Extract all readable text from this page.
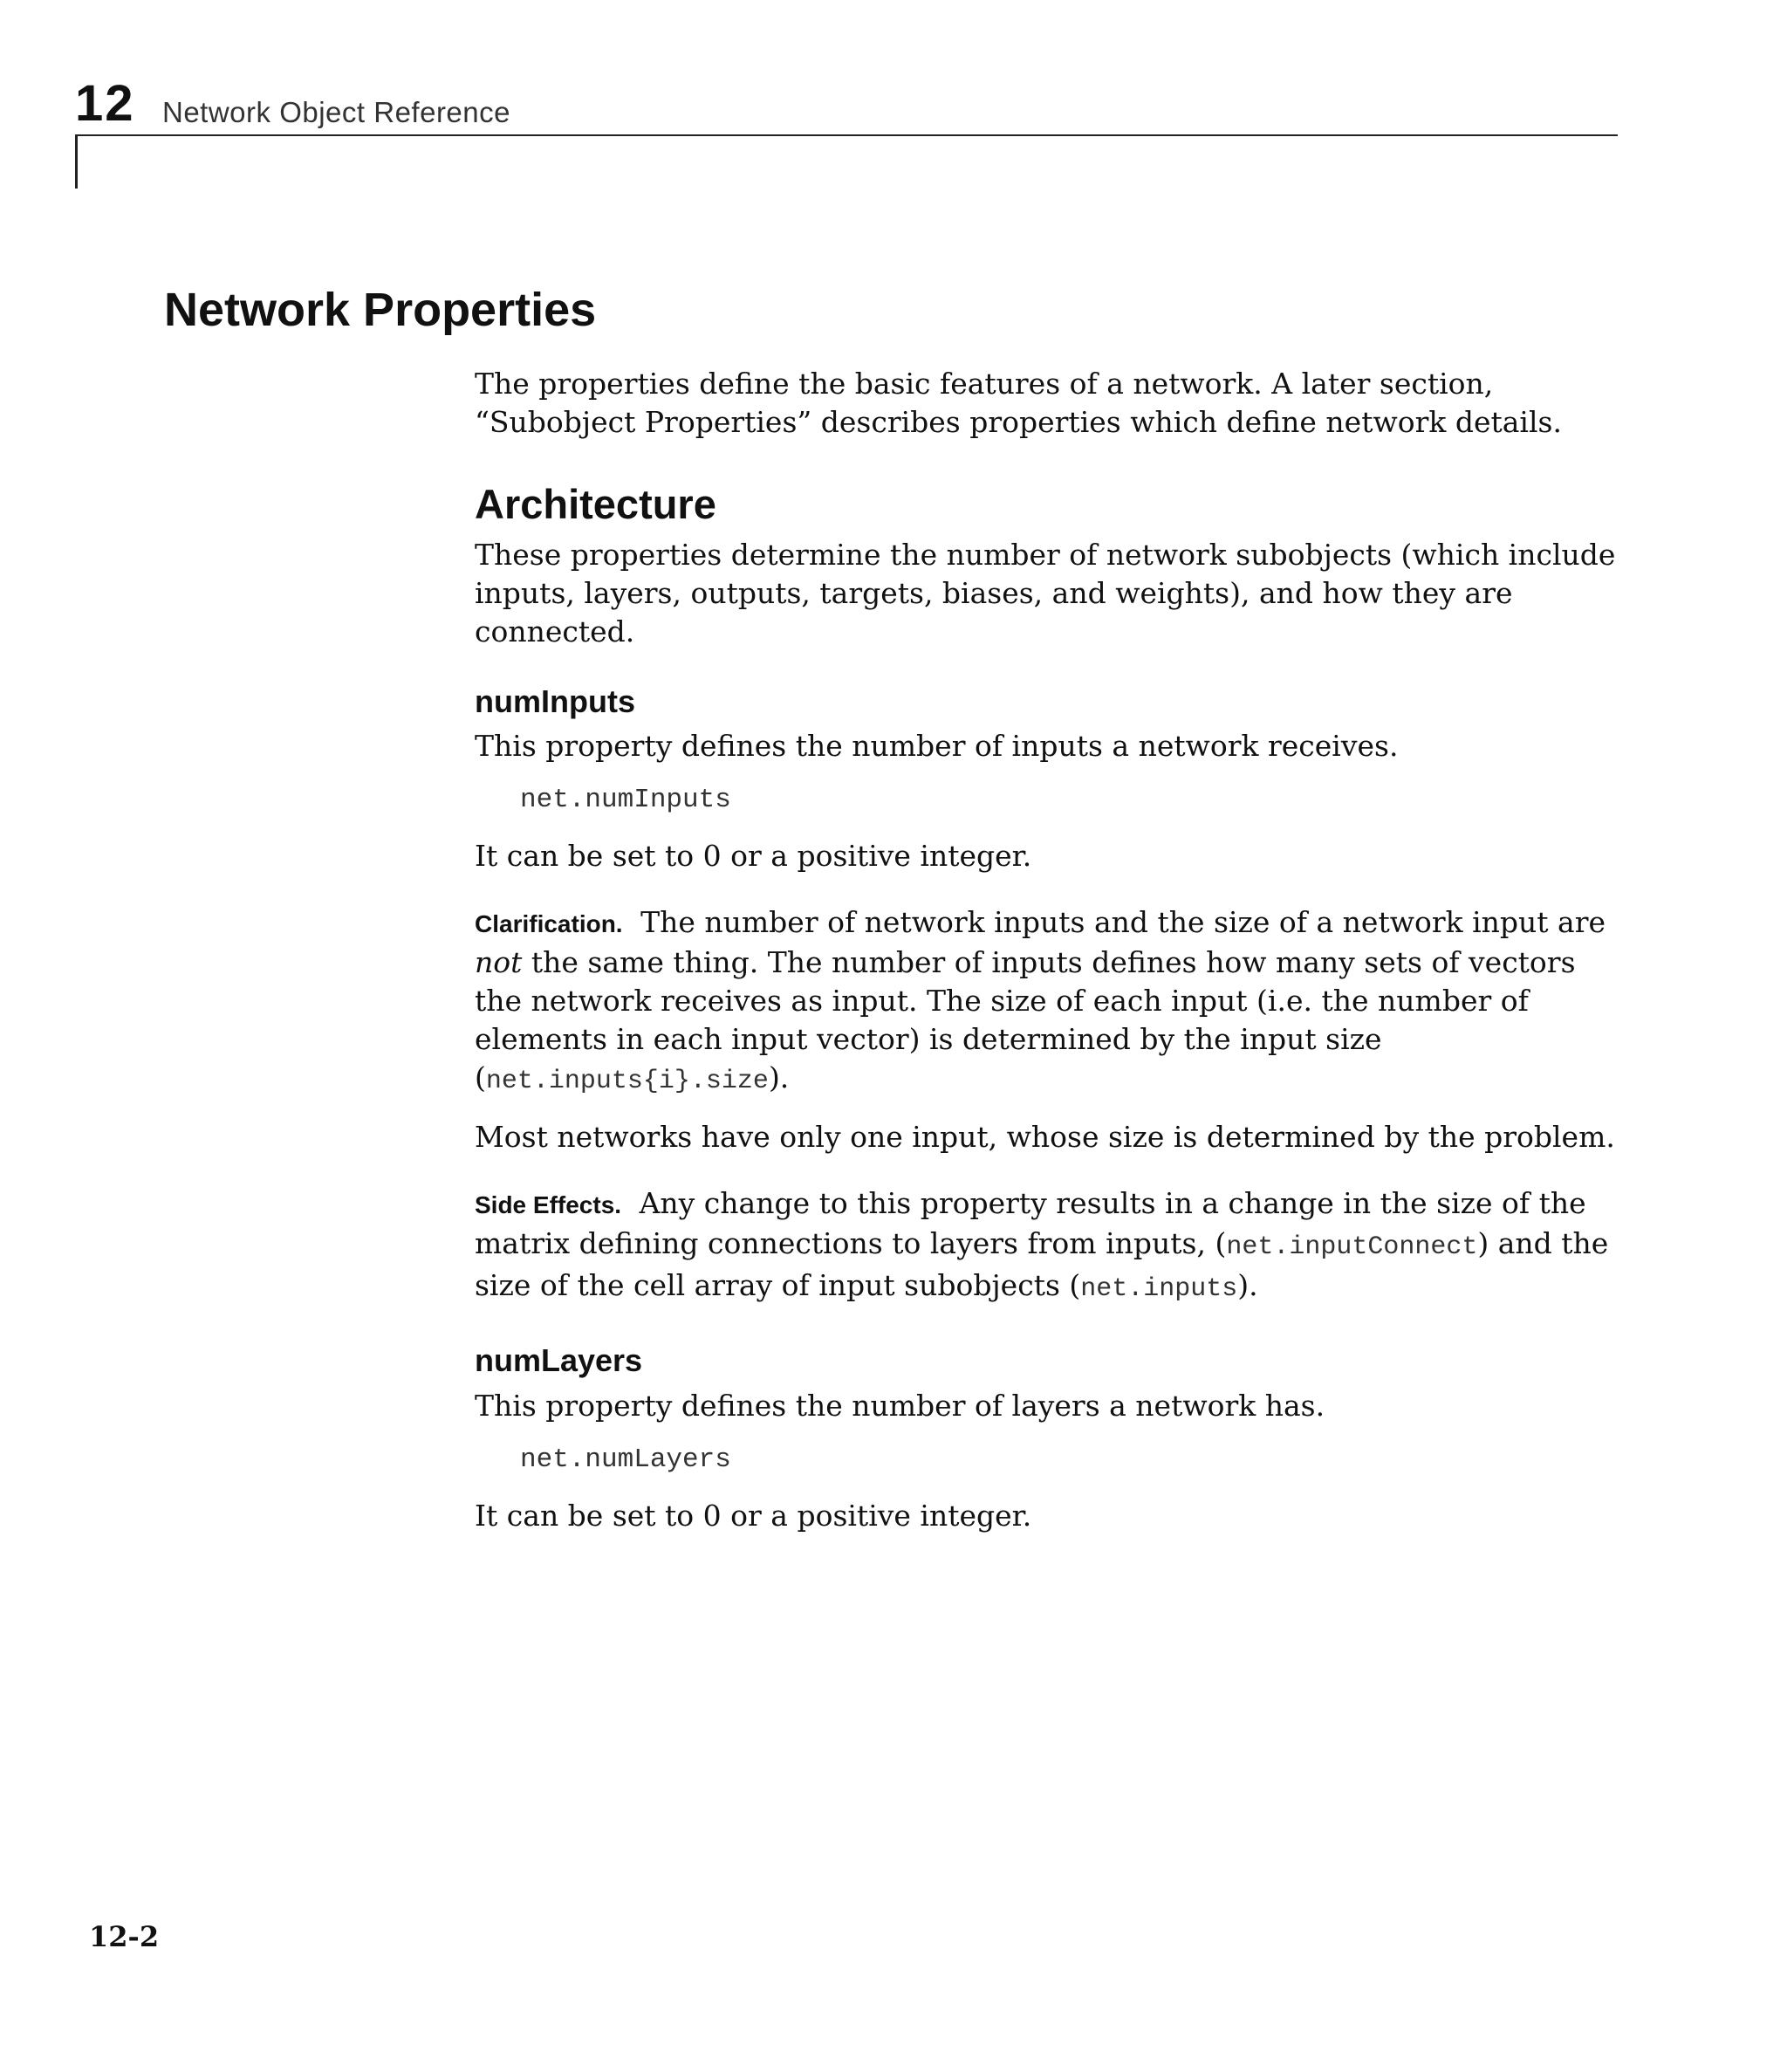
12 Network Object Reference
Network Properties

The properties define the basic features of a network. A later section, “Subobject Properties” describes properties which define network details.

Architecture

These properties determine the number of network subobjects (which include inputs, layers, outputs, targets, biases, and weights), and how they are connected.

numInputs

This property defines the number of inputs a network receives.

net.numInputs

It can be set to 0 or a positive integer.

Clarification. The number of network inputs and the size of a network input are not the same thing. The number of inputs defines how many sets of vectors the network receives as input. The size of each input (i.e. the number of elements in each input vector) is determined by the input size (net.inputs{i}.size).

Most networks have only one input, whose size is determined by the problem.

Side Effects. Any change to this property results in a change in the size of the matrix defining connections to layers from inputs, (net.inputConnect) and the size of the cell array of input subobjects (net.inputs).

numLayers

This property defines the number of layers a network has.

net.numLayers

It can be set to 0 or a positive integer.

12-2
